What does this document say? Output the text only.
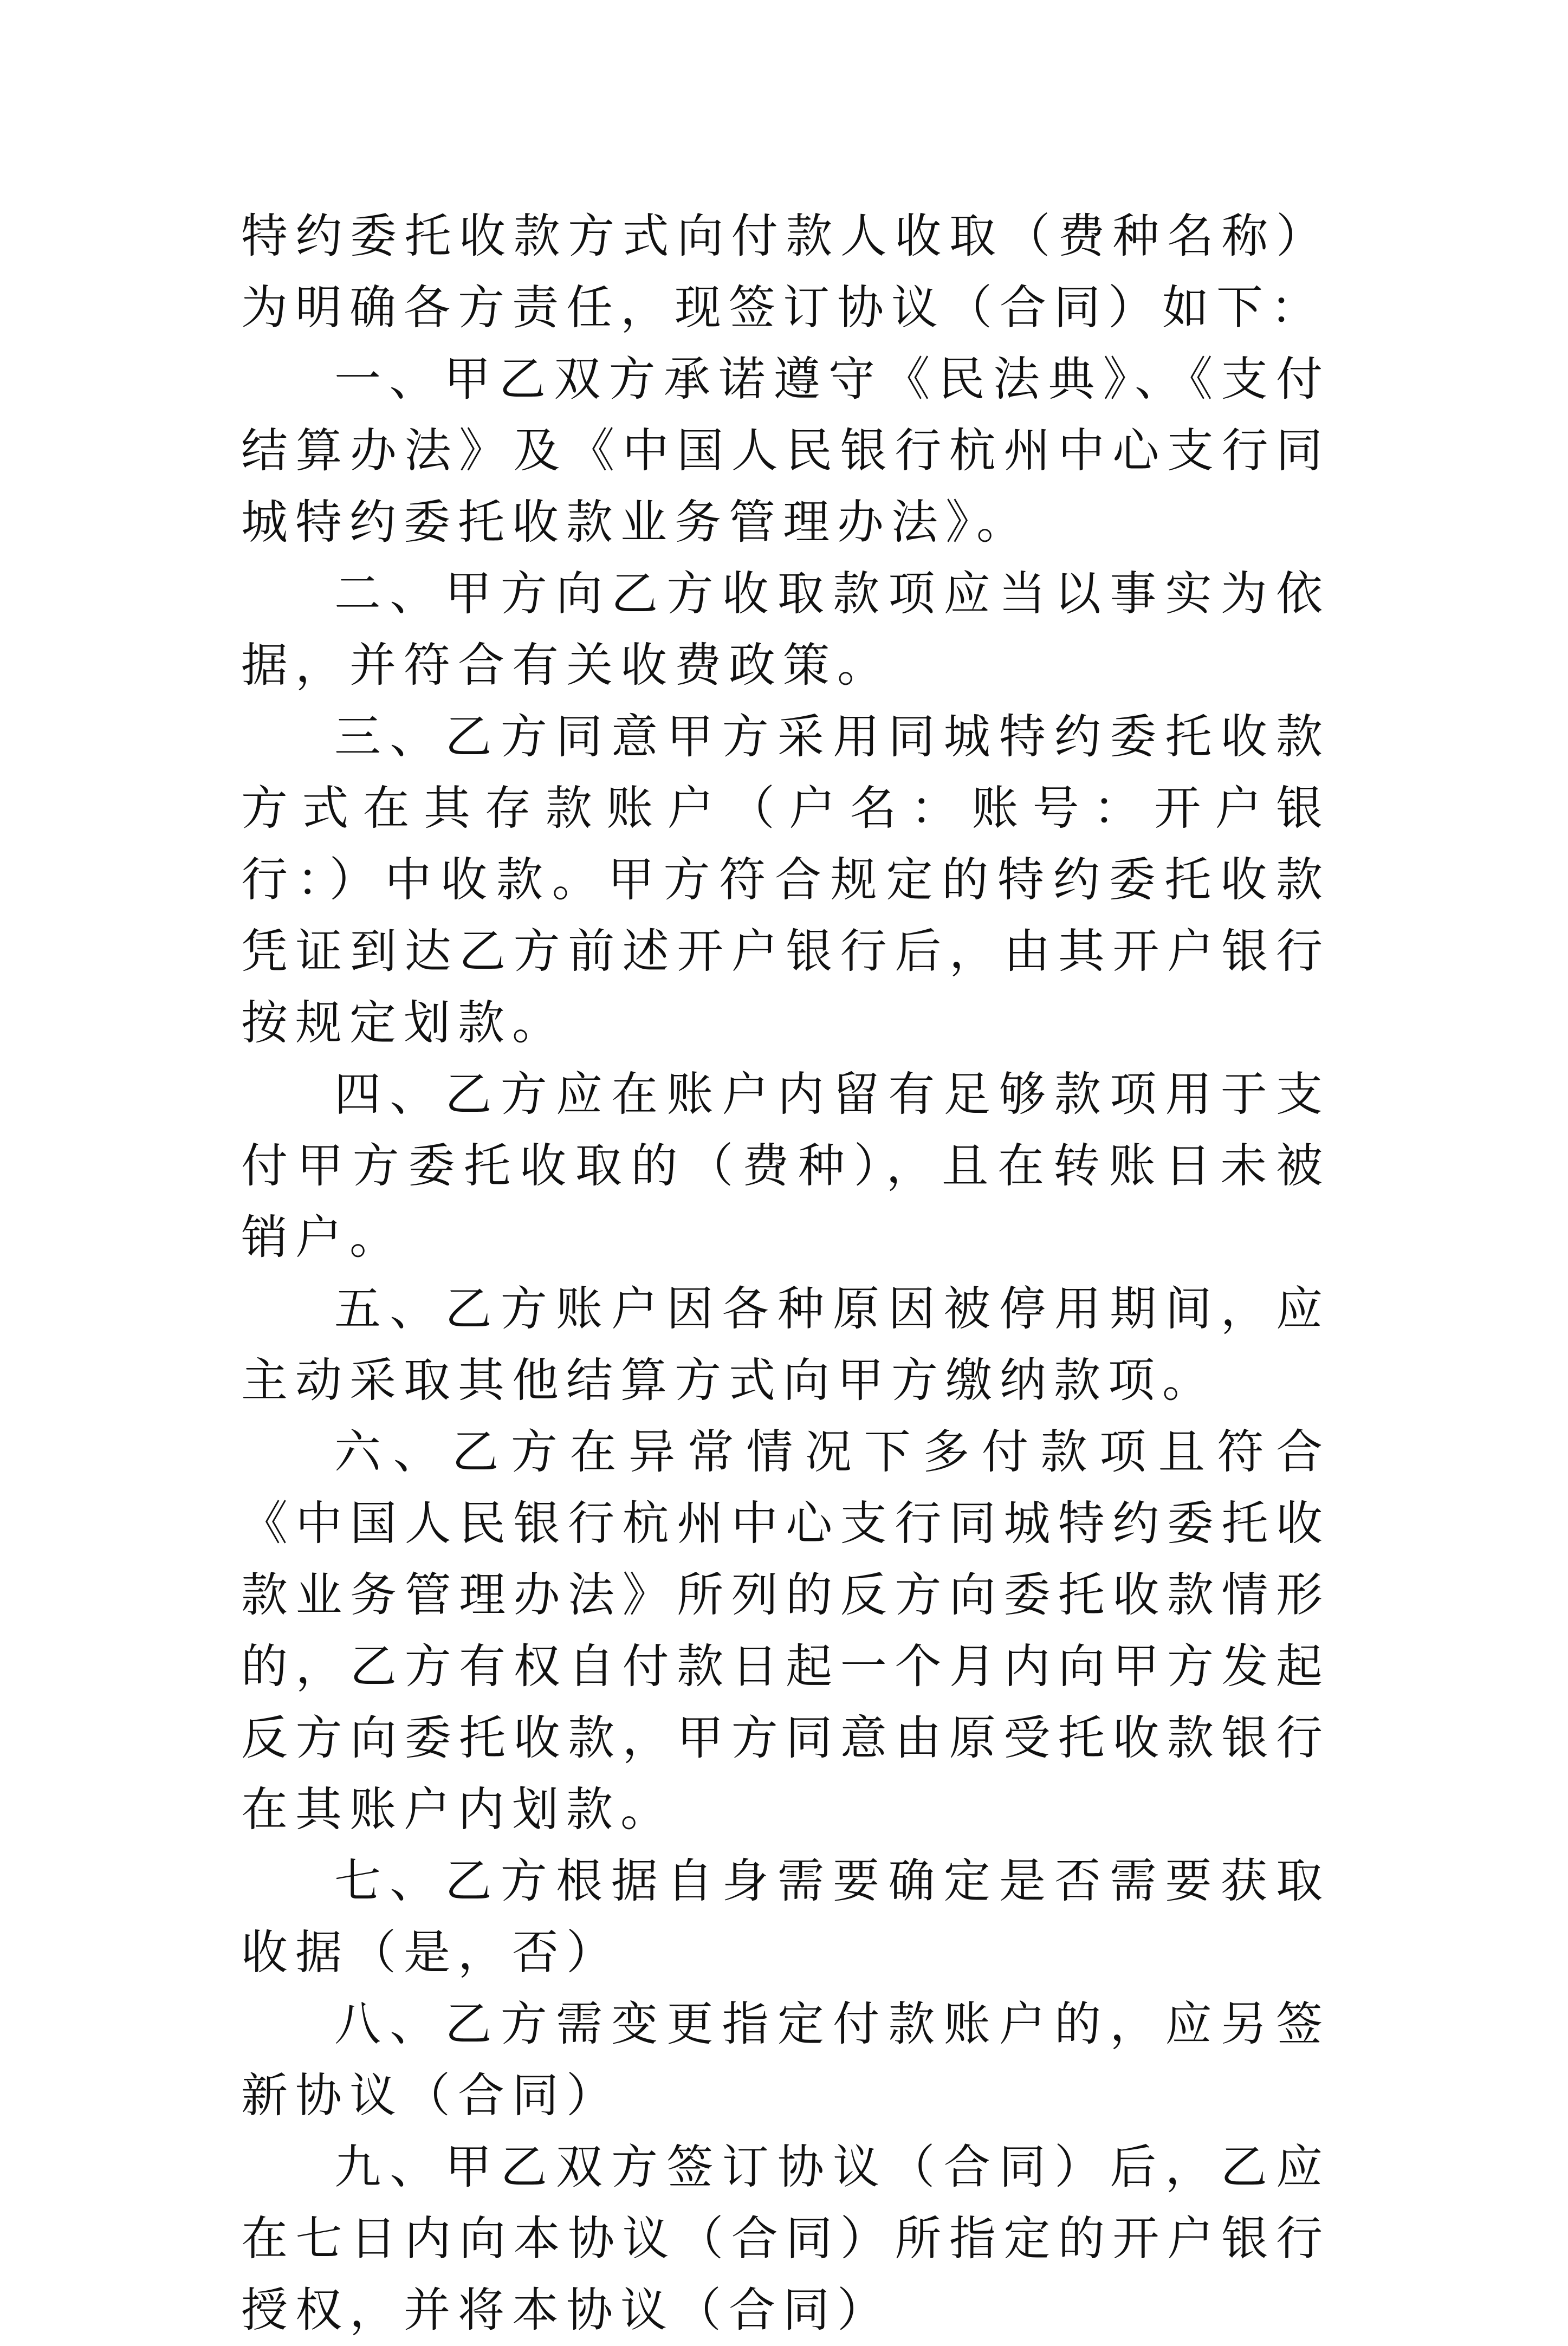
特约委托收款方式向付款人收取（费种名称）为明确各方责任，现签订协议（合同）如下：

一、甲乙双方承诺遵守《民法典》、《支付结算办法》及《中国人民银行杭州中心支行同城特约委托收款业务管理办法》。

二、甲方向乙方收取款项应当以事实为依据，并符合有关收费政策。

三、乙方同意甲方采用同城特约委托收款方式在其存款账户（户名：账号：开户银行：）中收款。甲方符合规定的特约委托收款凭证到达乙方前述开户银行后，由其开户银行按规定划款。

四、乙方应在账户内留有足够款项用于支付甲方委托收取的（费种），且在转账日未被销户。

五、乙方账户因各种原因被停用期间，应主动采取其他结算方式向甲方缴纳款项。

六、乙方在异常情况下多付款项且符合《中国人民银行杭州中心支行同城特约委托收款业务管理办法》所列的反方向委托收款情形的，乙方有权自付款日起一个月内向甲方发起反方向委托收款，甲方同意由原受托收款银行在其账户内划款。

七、乙方根据自身需要确定是否需要获取收据（是，否）

八、乙方需变更指定付款账户的，应另签新协议（合同）

九、甲乙双方签订协议（合同）后，乙应在七日内向本协议（合同）所指定的开户银行授权，并将本协议（合同）
